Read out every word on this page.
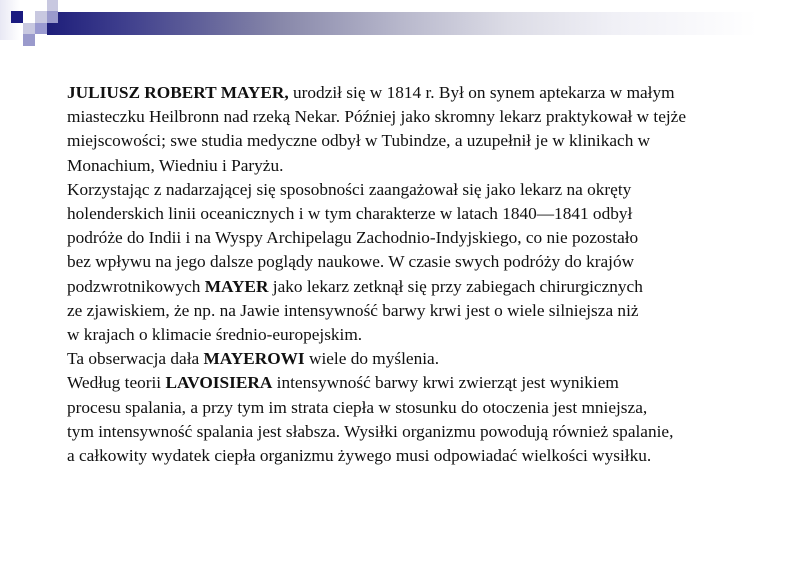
JULIUSZ ROBERT MAYER, urodził się w 1814 r. Był on synem aptekarza w małym
miasteczku Heilbronn nad rzeką Nekar. Później jako skromny lekarz praktykował w tejże
miejscowości; swe studia medyczne odbył w Tubindze, a uzupełnił je w klinikach w
Monachium, Wiedniu i Paryżu.
Korzystając z nadarzającej się sposobności zaangażował się jako lekarz na okręty
holenderskich linii oceanicznych i w tym charakterze w latach 1840—1841 odbył
podróże do Indii i na Wyspy Archipelagu Zachodnio-Indyjskiego, co nie pozostało
bez wpływu na jego dalsze poglądy naukowe. W czasie swych podróży do krajów
podzwrotnikowych MAYER jako lekarz zetknął się przy zabiegach chirurgicznych
ze zjawiskiem, że np. na Jawie intensywność barwy krwi jest o wiele silniejsza niż
w krajach o klimacie średnio-europejskim.
Ta obserwacja dała MAYEROWI wiele do myślenia.
Według teorii LAVOISIERA intensywność barwy krwi zwierząt jest wynikiem
procesu spalania, a przy tym im strata ciepła w stosunku do otoczenia jest mniejsza,
tym intensywność spalania jest słabsza. Wysiłki organizmu powodują również spalanie,
a całkowity wydatek ciepła organizmu żywego musi odpowiadać wielkości wysiłku.
